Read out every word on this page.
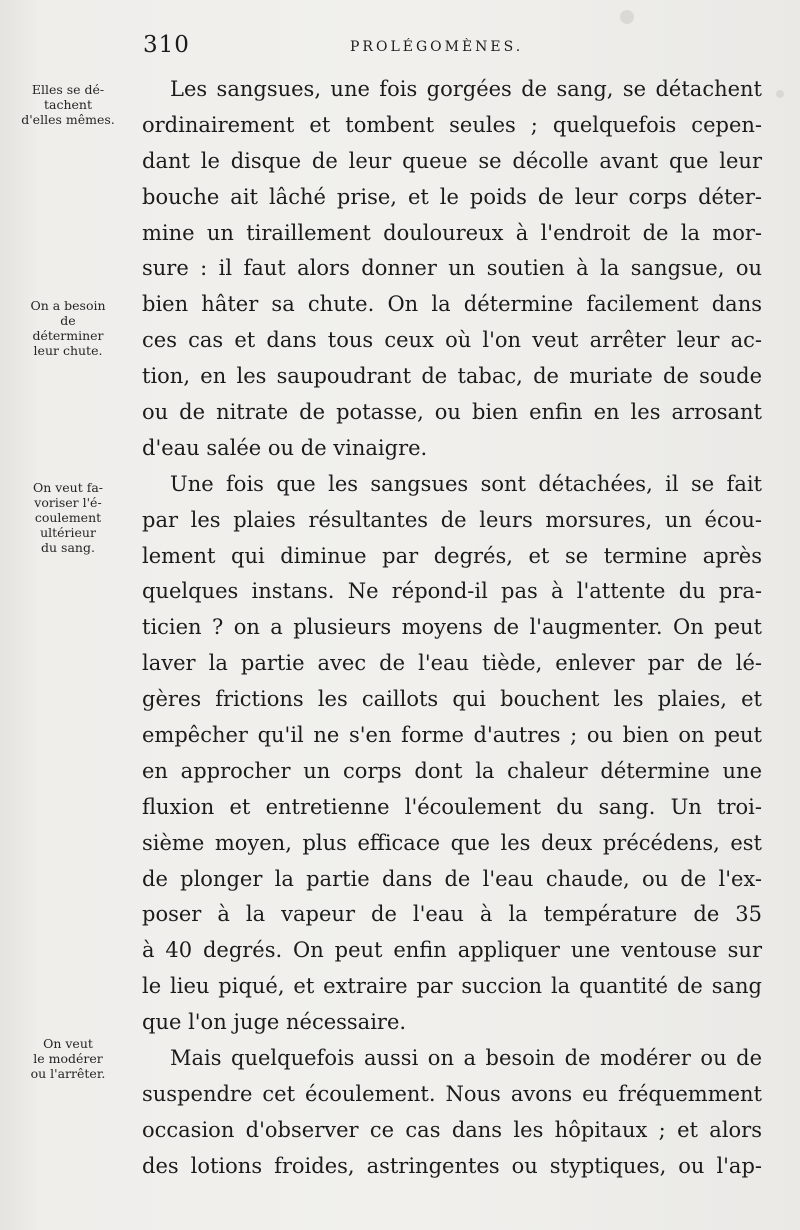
310	PROLÉGOMÈNES.
Elles se dé-
tachent
d'elles mêmes.
On a besoin
de
déterminer
leur chute.
On veut fa-
voriser l'é-
coulement
ultérieur
du sang.
On veut
le modérer
ou l'arrêter.
Les sangsues, une fois gorgées de sang, se détachent
ordinairement et tombent seules ; quelquefois cepen-
dant le disque de leur queue se décolle avant que leur
bouche ait lâché prise, et le poids de leur corps déter-
mine un tiraillement douloureux à l'endroit de la mor-
sure : il faut alors donner un soutien à la sangsue, ou
bien hâter sa chute. On la détermine facilement dans
ces cas et dans tous ceux où l'on veut arrêter leur ac-
tion, en les saupoudrant de tabac, de muriate de soude
ou de nitrate de potasse, ou bien enfin en les arrosant
d'eau salée ou de vinaigre.
Une fois que les sangsues sont détachées, il se fait
par les plaies résultantes de leurs morsures, un écou-
lement qui diminue par degrés, et se termine après
quelques instans. Ne répond-il pas à l'attente du pra-
ticien ? on a plusieurs moyens de l'augmenter. On peut
laver la partie avec de l'eau tiède, enlever par de lé-
gères frictions les caillots qui bouchent les plaies, et
empêcher qu'il ne s'en forme d'autres ; ou bien on peut
en approcher un corps dont la chaleur détermine une
fluxion et entretienne l'écoulement du sang. Un troi-
sième moyen, plus efficace que les deux précédens, est
de plonger la partie dans de l'eau chaude, ou de l'ex-
poser à la vapeur de l'eau à la température de 35
à 40 degrés. On peut enfin appliquer une ventouse sur
le lieu piqué, et extraire par succion la quantité de sang
que l'on juge nécessaire.
Mais quelquefois aussi on a besoin de modérer ou de
suspendre cet écoulement. Nous avons eu fréquemment
occasion d'observer ce cas dans les hôpitaux ; et alors
des lotions froides, astringentes ou styptiques, ou l'ap-
